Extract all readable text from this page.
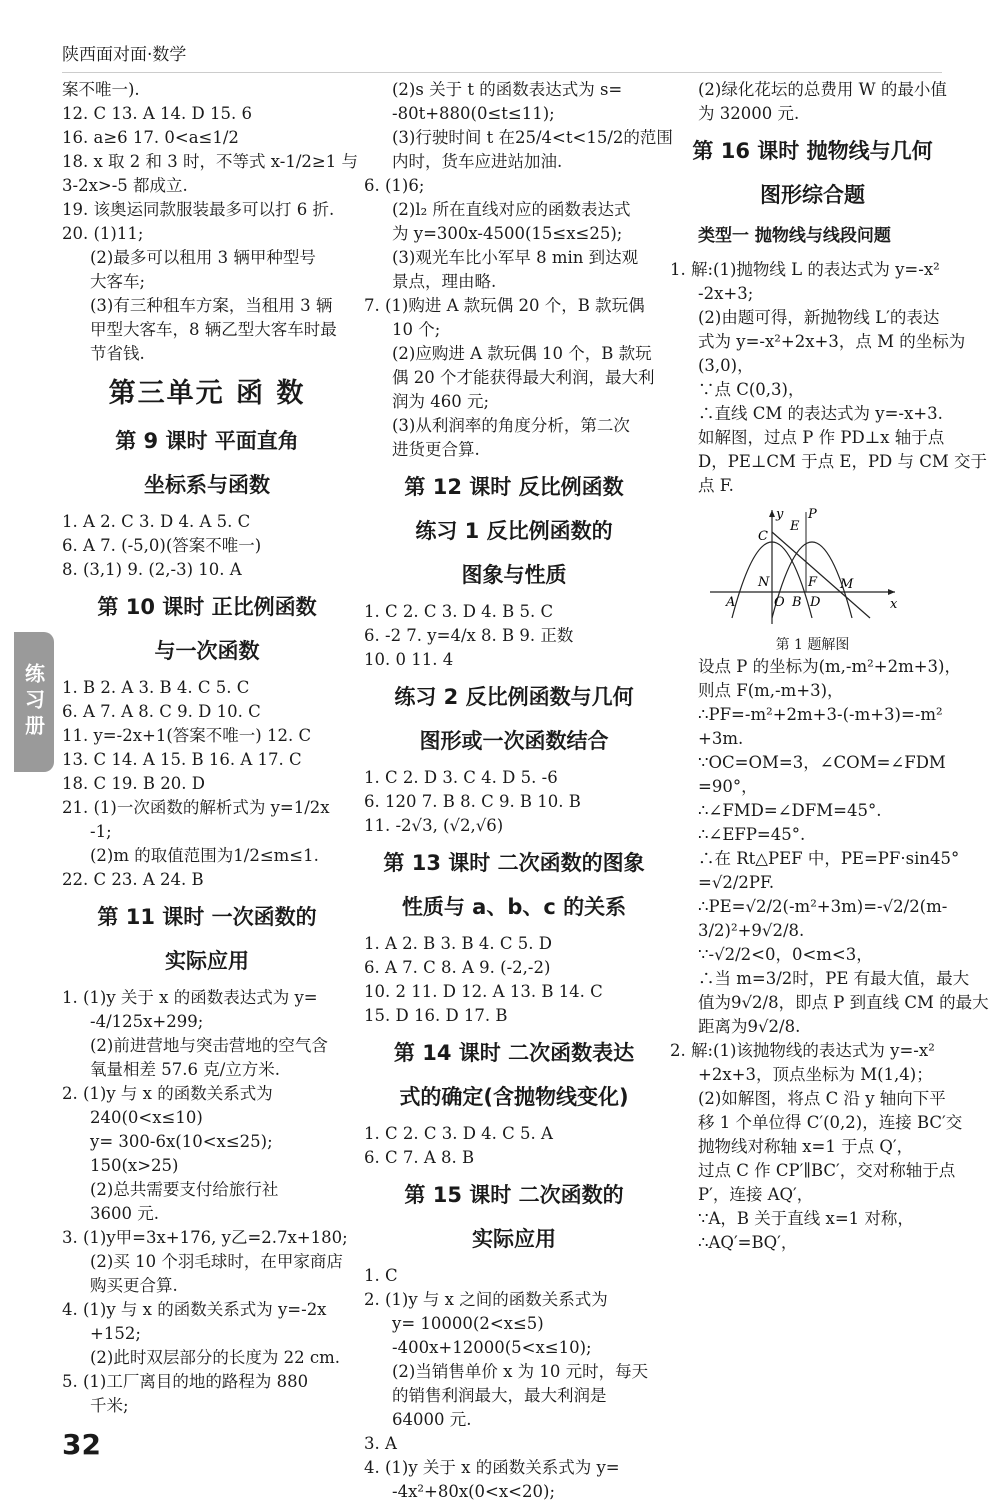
陕西面对面·数学
案不唯一).
12. C 13. A 14. D 15. 6
16. a≥6 17. 0<a≤1/2
18. x 取 2 和 3 时，不等式 x-1/2≥1 与
3-2x>-5 都成立.
19. 该奥运同款服装最多可以打 6 折.
20. (1)11;
(2)最多可以租用 3 辆甲种型号
大客车;
(3)有三种租车方案，当租用 3 辆
甲型大客车，8 辆乙型大客车时最
节省钱.
第三单元 函 数
第 9 课时 平面直角
坐标系与函数
1. A 2. C 3. D 4. A 5. C
6. A 7. (-5,0)(答案不唯一)
8. (3,1) 9. (2,-3) 10. A
第 10 课时 正比例函数
与一次函数
1. B 2. A 3. B 4. C 5. C
6. A 7. A 8. C 9. D 10. C
11. y=-2x+1(答案不唯一) 12. C
13. C 14. A 15. B 16. A 17. C
18. C 19. B 20. D
21. (1)一次函数的解析式为 y=1/2x
-1;
(2)m 的取值范围为1/2≤m≤1.
22. C 23. A 24. B
第 11 课时 一次函数的
实际应用
1. (1)y 关于 x 的函数表达式为 y=
-4/125x+299;
(2)前进营地与突击营地的空气含
氧量相差 57.6 克/立方米.
2. (1)y 与 x 的函数关系式为
240(0<x≤10)
y= 300-6x(10<x≤25);
150(x>25)
(2)总共需要支付给旅行社
3600 元.
3. (1)y甲=3x+176, y乙=2.7x+180;
(2)买 10 个羽毛球时，在甲家商店
购买更合算.
4. (1)y 与 x 的函数关系式为 y=-2x
+152;
(2)此时双层部分的长度为 22 cm.
5. (1)工厂离目的地的路程为 880
千米;
(2)s 关于 t 的函数表达式为 s=
-80t+880(0≤t≤11);
(3)行驶时间 t 在25/4<t<15/2的范围
内时，货车应进站加油.
6. (1)6;
(2)l₂ 所在直线对应的函数表达式
为 y=300x-4500(15≤x≤25);
(3)观光车比小军早 8 min 到达观
景点，理由略.
7. (1)购进 A 款玩偶 20 个，B 款玩偶
10 个;
(2)应购进 A 款玩偶 10 个，B 款玩
偶 20 个才能获得最大利润，最大利
润为 460 元;
(3)从利润率的角度分析，第二次
进货更合算.
第 12 课时 反比例函数
练习 1 反比例函数的
图象与性质
1. C 2. C 3. D 4. B 5. C
6. -2 7. y=4/x 8. B 9. 正数
10. 0 11. 4
练习 2 反比例函数与几何
图形或一次函数结合
1. C 2. D 3. C 4. D 5. -6
6. 120 7. B 8. C 9. B 10. B
11. -2√3, (√2,√6)
第 13 课时 二次函数的图象
性质与 a、b、c 的关系
1. A 2. B 3. B 4. C 5. D
6. A 7. C 8. A 9. (-2,-2)
10. 2 11. D 12. A 13. B 14. C
15. D 16. D 17. B
第 14 课时 二次函数表达
式的确定(含抛物线变化)
1. C 2. C 3. D 4. C 5. A
6. C 7. A 8. B
第 15 课时 二次函数的
实际应用
1. C
2. (1)y 与 x 之间的函数关系式为
y= 10000(2<x≤5)
-400x+12000(5<x≤10);
(2)当销售单价 x 为 10 元时，每天
的销售利润最大，最大利润是
64000 元.
3. A
4. (1)y 关于 x 的函数关系式为 y=
-4x²+80x(0<x<20);
(2)绿化花坛的总费用 W 的最小值
为 32000 元.
第 16 课时 抛物线与几何
图形综合题
类型一 抛物线与线段问题
1. 解:(1)抛物线 L 的表达式为 y=-x²
-2x+3;
(2)由题可得，新抛物线 L′的表达
式为 y=-x²+2x+3，点 M 的坐标为
(3,0)，
∵点 C(0,3)，
∴直线 CM 的表达式为 y=-x+3.
如解图，过点 P 作 PD⊥x 轴于点
D，PE⊥CM 于点 E，PD 与 CM 交于
点 F.
y
x
C
E
P
N	F M
A	O B D
第 1 题解图
设点 P 的坐标为(m,-m²+2m+3)，
则点 F(m,-m+3)，
∴PF=-m²+2m+3-(-m+3)=-m²
+3m.
∵OC=OM=3，∠COM=∠FDM
=90°，
∴∠FMD=∠DFM=45°.
∴∠EFP=45°.
∴在 Rt△PEF 中，PE=PF·sin45°
=√2/2PF.
∴PE=√2/2(-m²+3m)=-√2/2(m-
3/2)²+9√2/8.
∵-√2/2<0，0<m<3，
∴当 m=3/2时，PE 有最大值，最大
值为9√2/8，即点 P 到直线 CM 的最大
距离为9√2/8.
2. 解:(1)该抛物线的表达式为 y=-x²
+2x+3，顶点坐标为 M(1,4)；
(2)如解图，将点 C 沿 y 轴向下平
移 1 个单位得 C′(0,2)，连接 BC′交
抛物线对称轴 x=1 于点 Q′，
过点 C 作 CP′∥BC′，交对称轴于点
P′，连接 AQ′，
∵A，B 关于直线 x=1 对称，
∴AQ′=BQ′，
练习册
32
